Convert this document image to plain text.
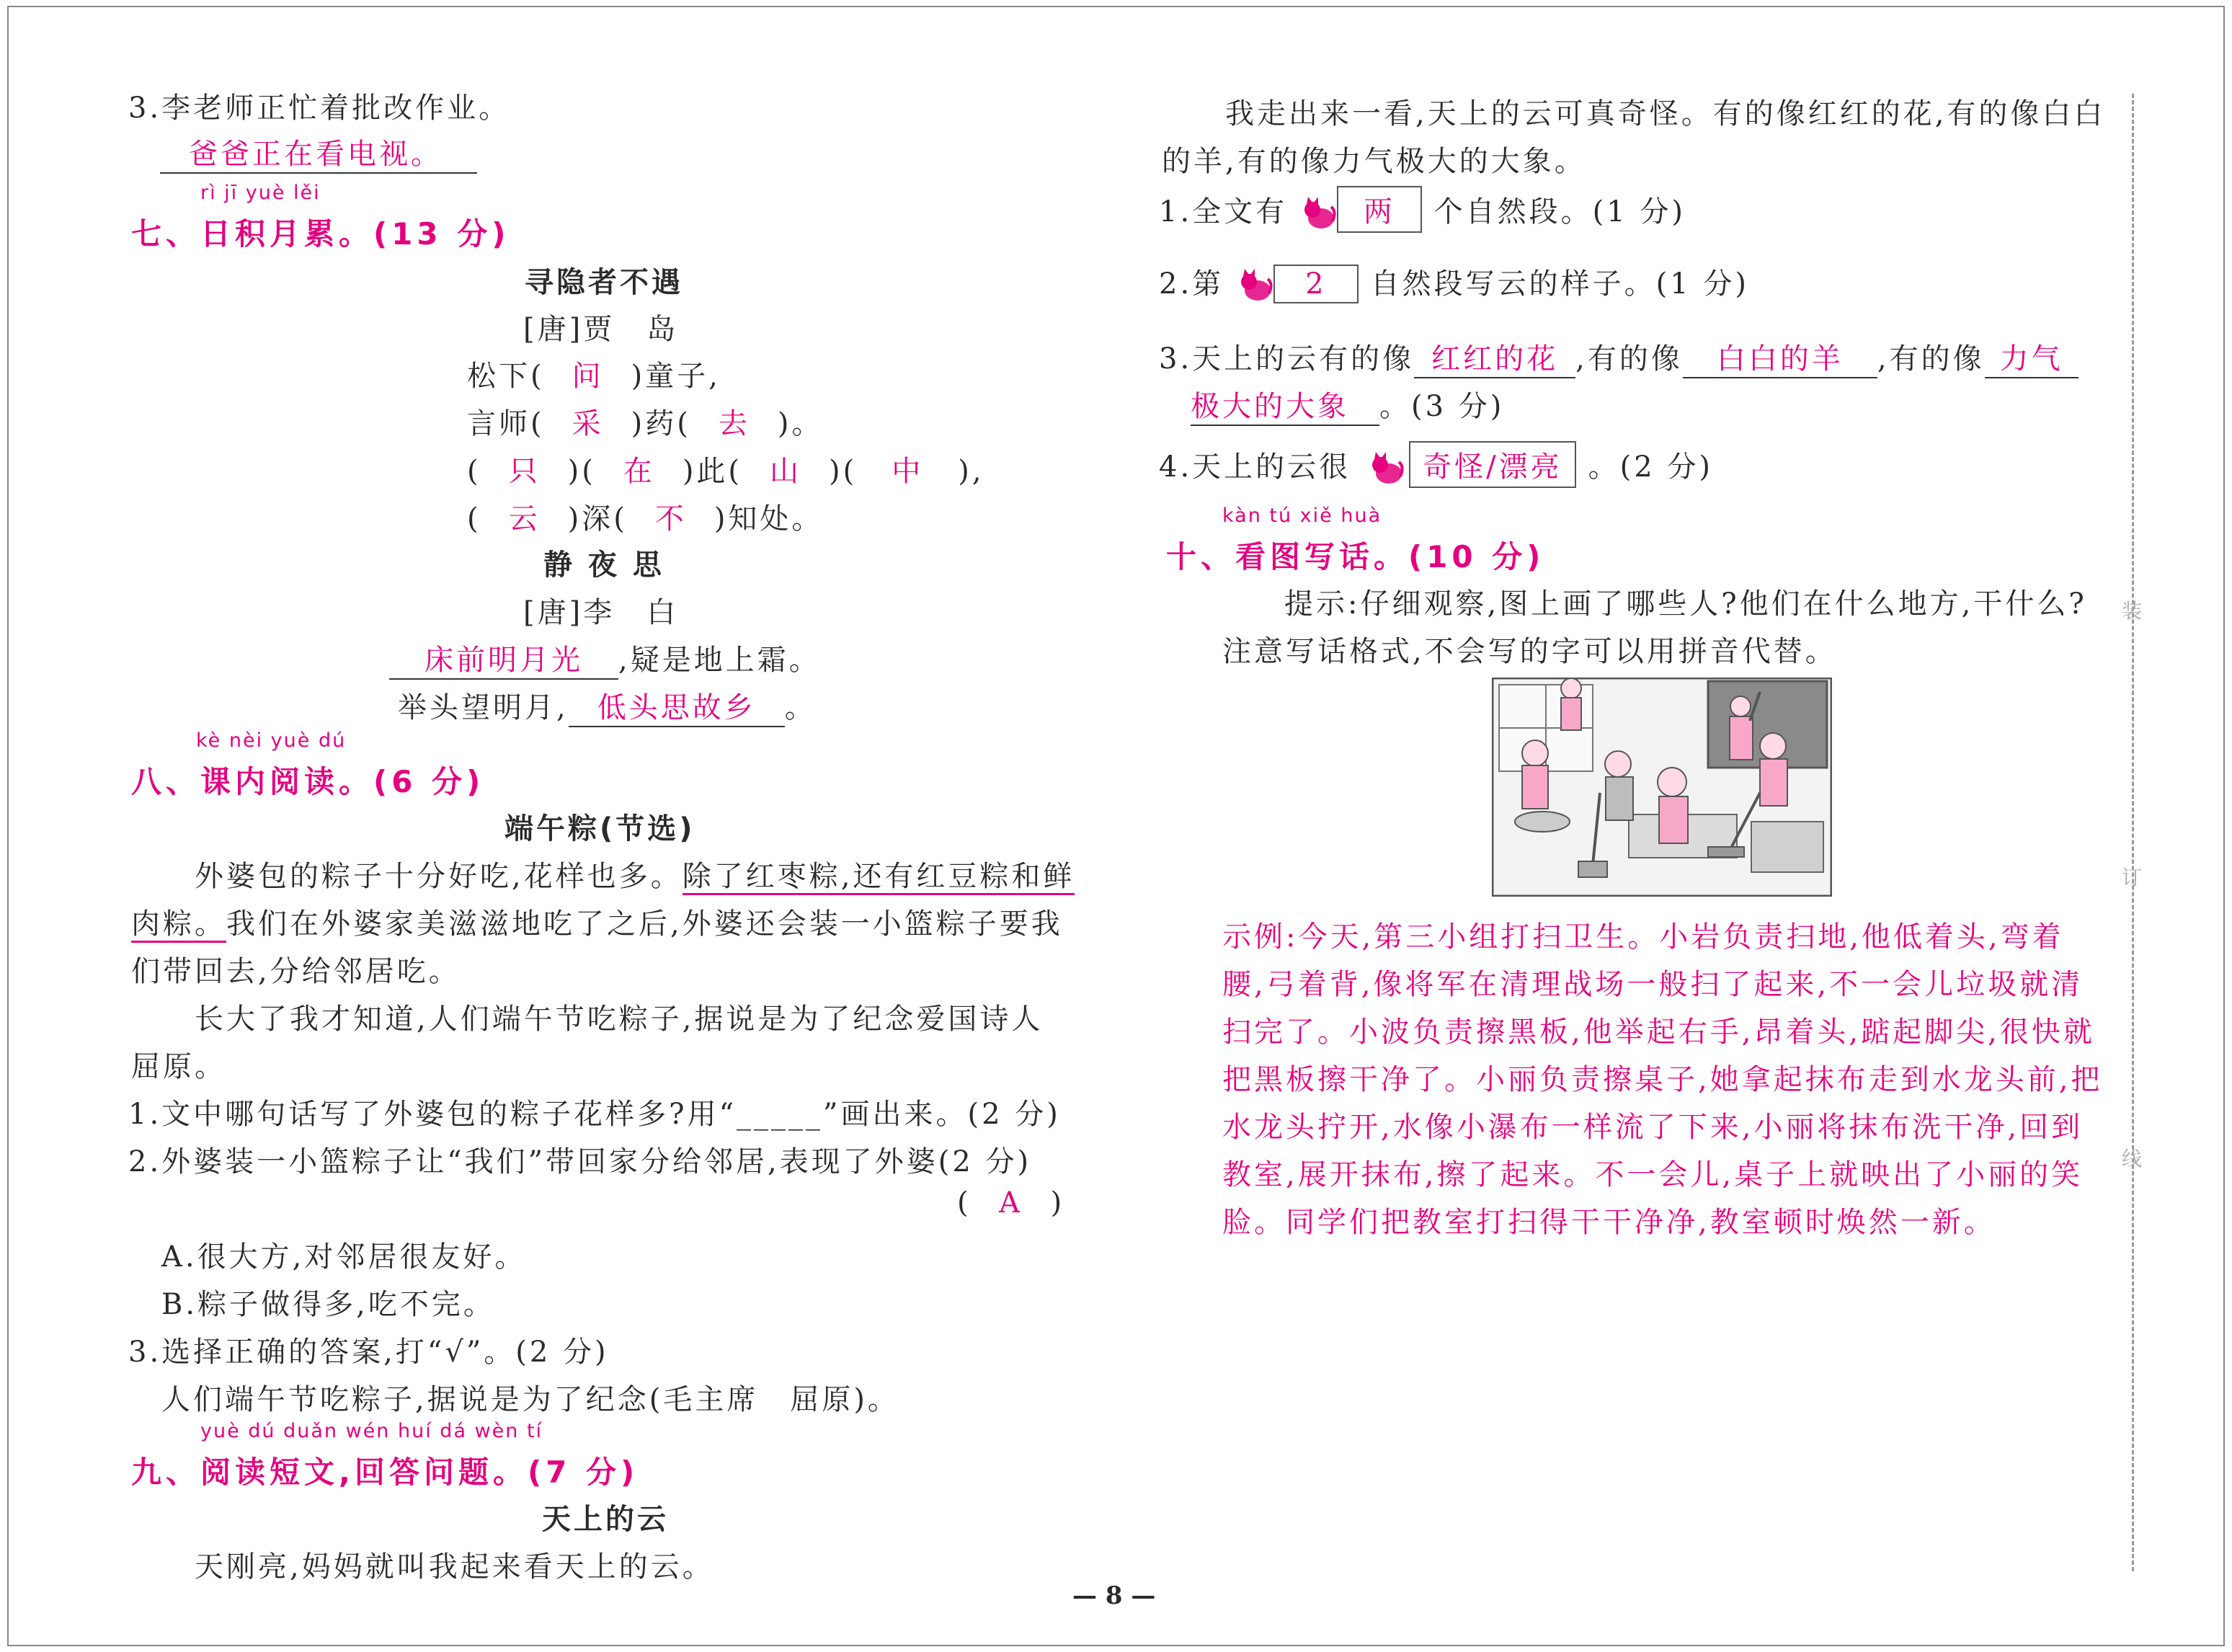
3.李老师正忙着批改作业。
爸爸正在看电视。
rì jī yuè lěi
七、日积月累。(13 分)
寻隐者不遇
[唐]贾　岛
松下( 问 )童子,
言师( 采 )药( 去 )。
( 只 )( 在 )此( 山 )( 中 ),
( 云 )深( 不 )知处。
静 夜 思
[唐]李　白
床前明月光 ,疑是地上霜。
举头望明月, 低头思故乡 。
kè nèi yuè dú
八、课内阅读。(6 分)
端午粽(节选)
外婆包的粽子十分好吃,花样也多。除了红枣粽,还有红豆粽和鲜
肉粽。我们在外婆家美滋滋地吃了之后,外婆还会装一小篮粽子要我
们带回去,分给邻居吃。
长大了我才知道,人们端午节吃粽子,据说是为了纪念爱国诗人
屈原。
1.文中哪句话写了外婆包的粽子花样多?用“_____”画出来。(2 分)
2.外婆装一小篮粽子让“我们”带回家分给邻居,表现了外婆(2 分)
( A )
A.很大方,对邻居很友好。
B.粽子做得多,吃不完。
3.选择正确的答案,打“√”。(2 分)
人们端午节吃粽子,据说是为了纪念(毛主席　屈原)。
yuè dú duǎn wén huí dá wèn tí
九、阅读短文,回答问题。(7 分)
天上的云
天刚亮,妈妈就叫我起来看天上的云。
我走出来一看,天上的云可真奇怪。有的像红红的花,有的像白白
的羊,有的像力气极大的大象。
1.全文有	两 个自然段。(1 分)
2.第	2 自然段写云的样子。(1 分)
3.天上的云有的像 红红的花 ,有的像 白白的羊 ,有的像 力气
极大的大象 。(3 分)
4.天上的云很 奇怪/漂亮 。(2 分)
kàn tú xiě huà
十、看图写话。(10 分)
提示:仔细观察,图上画了哪些人?他们在什么地方,干什么?
注意写话格式,不会写的字可以用拼音代替。
示例:今天,第三小组打扫卫生。小岩负责扫地,他低着头,弯着
腰,弓着背,像将军在清理战场一般扫了起来,不一会儿垃圾就清
扫完了。小波负责擦黑板,他举起右手,昂着头,踮起脚尖,很快就
把黑板擦干净了。小丽负责擦桌子,她拿起抹布走到水龙头前,把
水龙头拧开,水像小瀑布一样流了下来,小丽将抹布洗干净,回到
教室,展开抹布,擦了起来。不一会儿,桌子上就映出了小丽的笑
脸。同学们把教室打扫得干干净净,教室顿时焕然一新。
装
订
线
— 8 —
